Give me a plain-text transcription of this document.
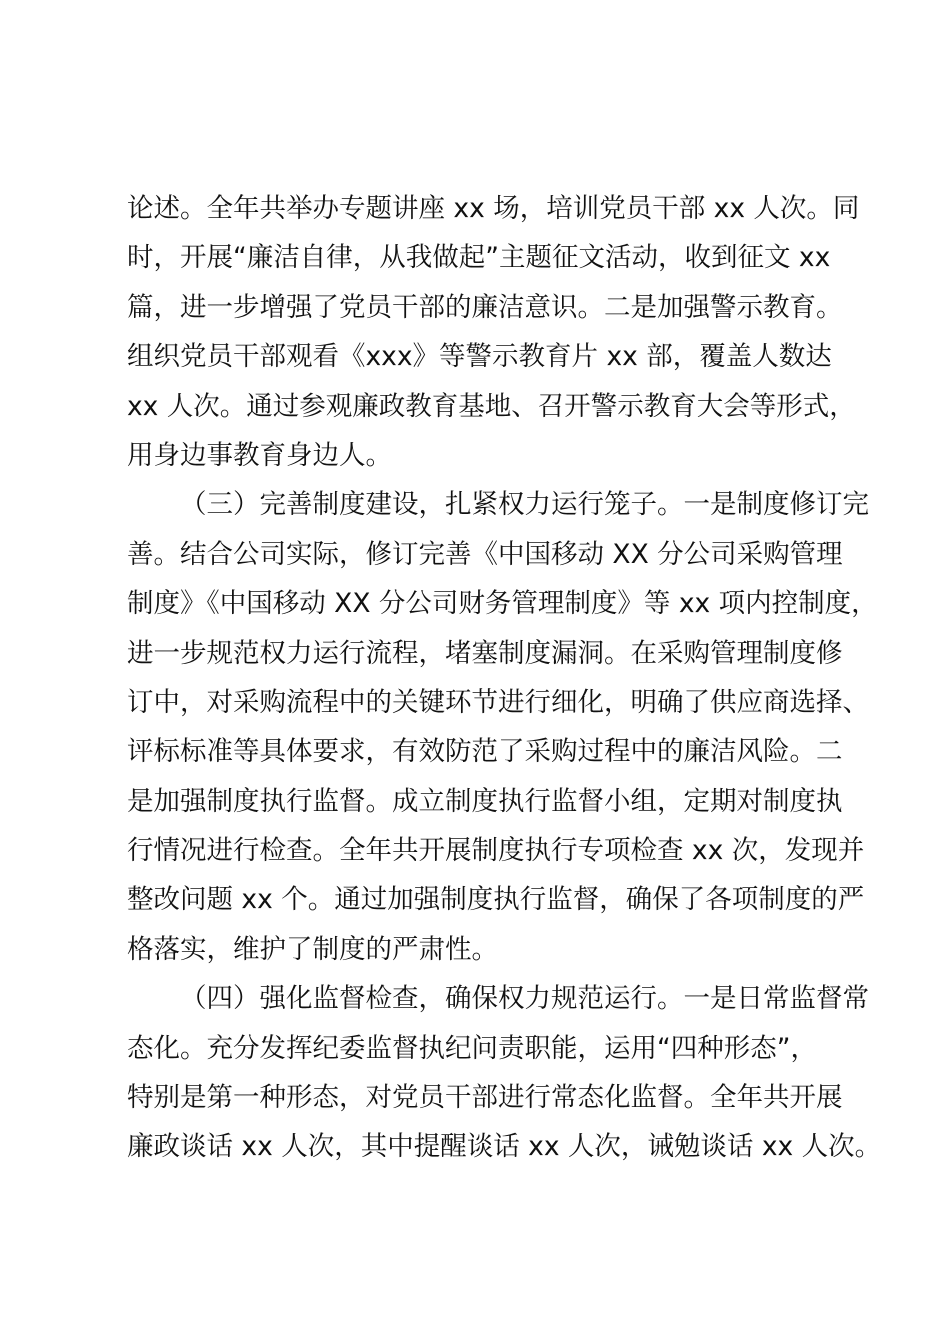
论述。全年共举办专题讲座 xx 场，培训党员干部 xx 人次。同
时，开展“廉洁自律，从我做起”主题征文活动，收到征文 xx
篇，进一步增强了党员干部的廉洁意识。二是加强警示教育。
组织党员干部观看《xxx》等警示教育片 xx 部，覆盖人数达
xx 人次。通过参观廉政教育基地、召开警示教育大会等形式，
用身边事教育身边人。
（三）完善制度建设，扎紧权力运行笼子。一是制度修订完
善。结合公司实际，修订完善《中国移动 XX 分公司采购管理
制度》《中国移动 XX 分公司财务管理制度》等 xx 项内控制度，
进一步规范权力运行流程，堵塞制度漏洞。在采购管理制度修
订中，对采购流程中的关键环节进行细化，明确了供应商选择、
评标标准等具体要求，有效防范了采购过程中的廉洁风险。二
是加强制度执行监督。成立制度执行监督小组，定期对制度执
行情况进行检查。全年共开展制度执行专项检查 xx 次，发现并
整改问题 xx 个。通过加强制度执行监督，确保了各项制度的严
格落实，维护了制度的严肃性。
（四）强化监督检查，确保权力规范运行。一是日常监督常
态化。充分发挥纪委监督执纪问责职能，运用“四种形态”，
特别是第一种形态，对党员干部进行常态化监督。全年共开展
廉政谈话 xx 人次，其中提醒谈话 xx 人次，诫勉谈话 xx 人次。
